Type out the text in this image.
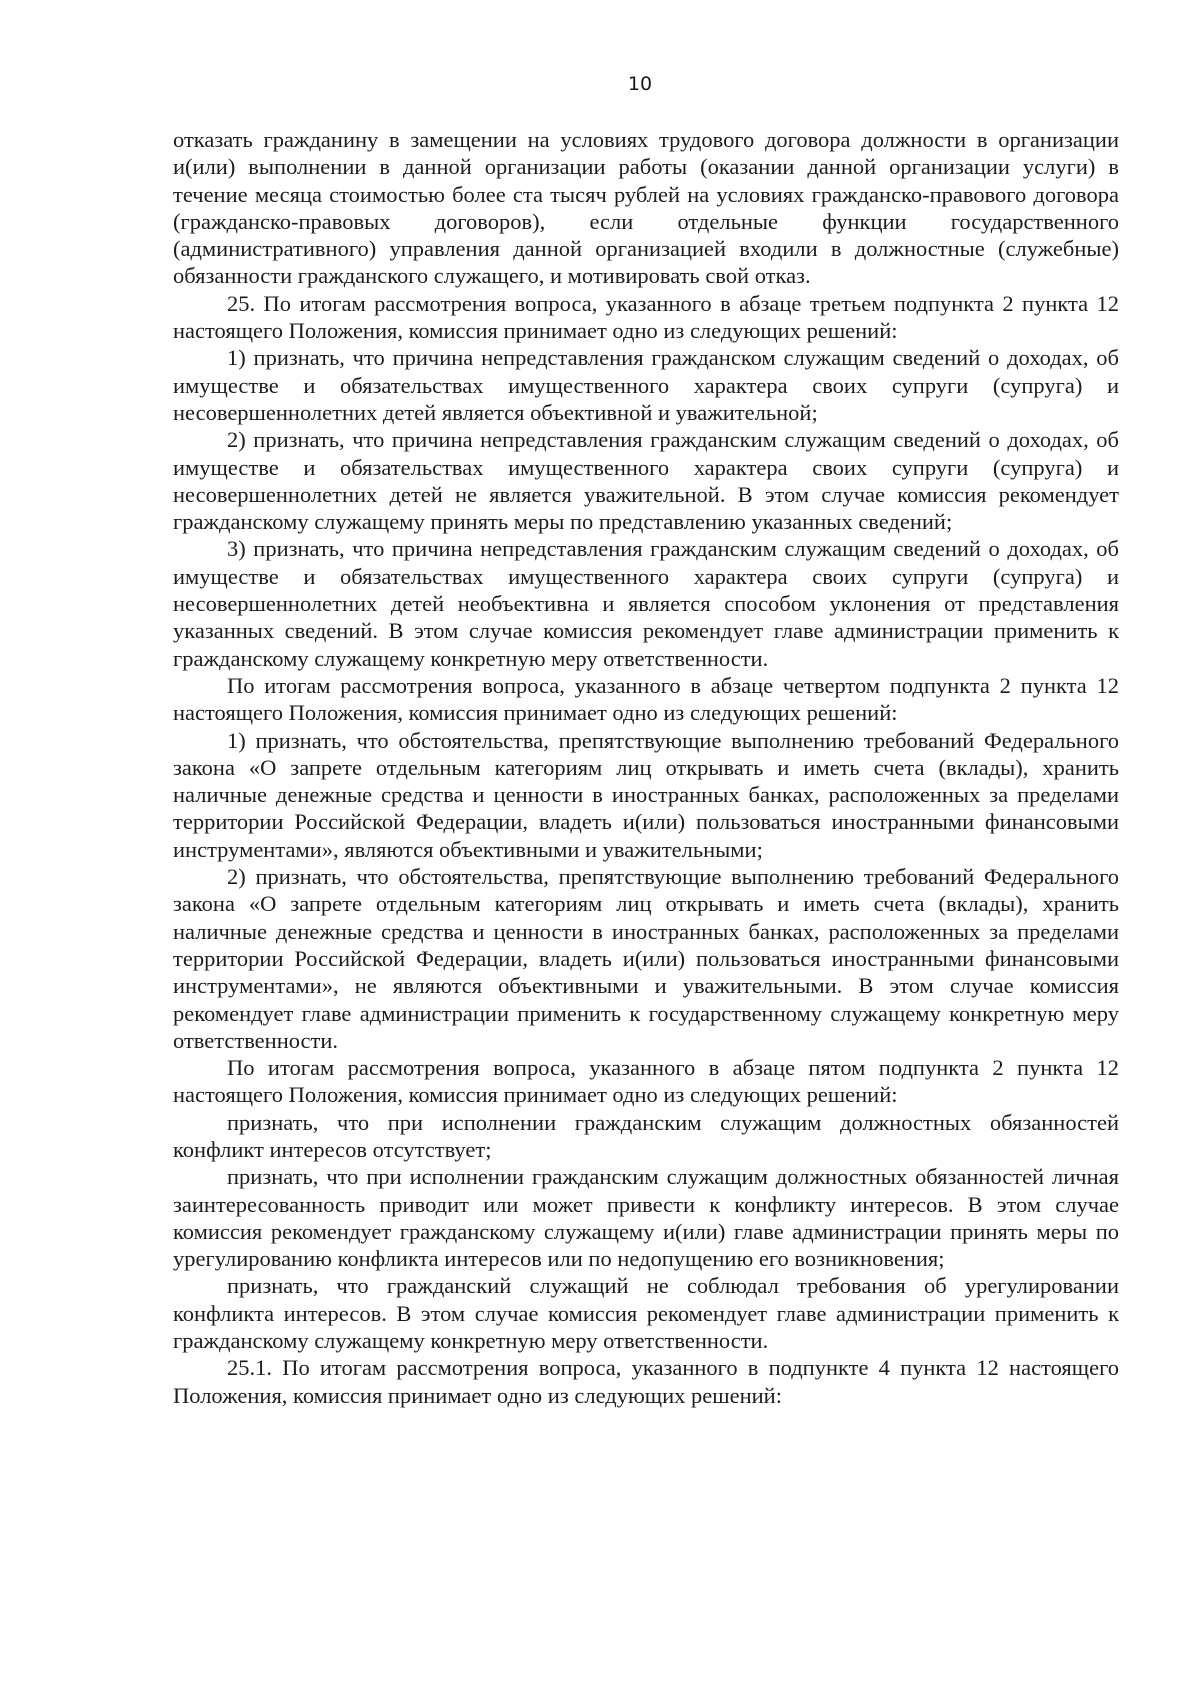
10

отказать гражданину в замещении на условиях трудового договора должности в организации и(или) выполнении в данной организации работы (оказании данной организации услуги) в течение месяца стоимостью более ста тысяч рублей на условиях гражданско-правового договора (гражданско-правовых договоров), если отдельные функции государственного (административного) управления данной организацией входили в должностные (служебные) обязанности гражданского служащего, и мотивировать свой отказ.

25. По итогам рассмотрения вопроса, указанного в абзаце третьем подпункта 2 пункта 12 настоящего Положения, комиссия принимает одно из следующих решений:

1) признать, что причина непредставления гражданском служащим сведений о доходах, об имуществе и обязательствах имущественного характера своих супруги (супруга) и несовершеннолетних детей является объективной и уважительной;

2) признать, что причина непредставления гражданским служащим сведений о доходах, об имуществе и обязательствах имущественного характера своих супруги (супруга) и несовершеннолетних детей не является уважительной. В этом случае комиссия рекомендует гражданскому служащему принять меры по представлению указанных сведений;

3) признать, что причина непредставления гражданским служащим сведений о доходах, об имуществе и обязательствах имущественного характера своих супруги (супруга) и несовершеннолетних детей необъективна и является способом уклонения от представления указанных сведений. В этом случае комиссия рекомендует главе администрации применить к гражданскому служащему конкретную меру ответственности.

По итогам рассмотрения вопроса, указанного в абзаце четвертом подпункта 2 пункта 12 настоящего Положения, комиссия принимает одно из следующих решений:

1) признать, что обстоятельства, препятствующие выполнению требований Федерального закона «О запрете отдельным категориям лиц открывать и иметь счета (вклады), хранить наличные денежные средства и ценности в иностранных банках, расположенных за пределами территории Российской Федерации, владеть и(или) пользоваться иностранными финансовыми инструментами», являются объективными и уважительными;

2) признать, что обстоятельства, препятствующие выполнению требований Федерального закона «О запрете отдельным категориям лиц открывать и иметь счета (вклады), хранить наличные денежные средства и ценности в иностранных банках, расположенных за пределами территории Российской Федерации, владеть и(или) пользоваться иностранными финансовыми инструментами», не являются объективными и уважительными. В этом случае комиссия рекомендует главе администрации применить к государственному служащему конкретную меру ответственности.

По итогам рассмотрения вопроса, указанного в абзаце пятом подпункта 2 пункта 12 настоящего Положения, комиссия принимает одно из следующих решений:

признать, что при исполнении гражданским служащим должностных обязанностей конфликт интересов отсутствует;

признать, что при исполнении гражданским служащим должностных обязанностей личная заинтересованность приводит или может привести к конфликту интересов. В этом случае комиссия рекомендует гражданскому служащему и(или) главе администрации принять меры по урегулированию конфликта интересов или по недопущению его возникновения;

признать, что гражданский служащий не соблюдал требования об урегулировании конфликта интересов. В этом случае комиссия рекомендует главе администрации применить к гражданскому служащему конкретную меру ответственности.

25.1. По итогам рассмотрения вопроса, указанного в подпункте 4 пункта 12 настоящего Положения, комиссия принимает одно из следующих решений:
